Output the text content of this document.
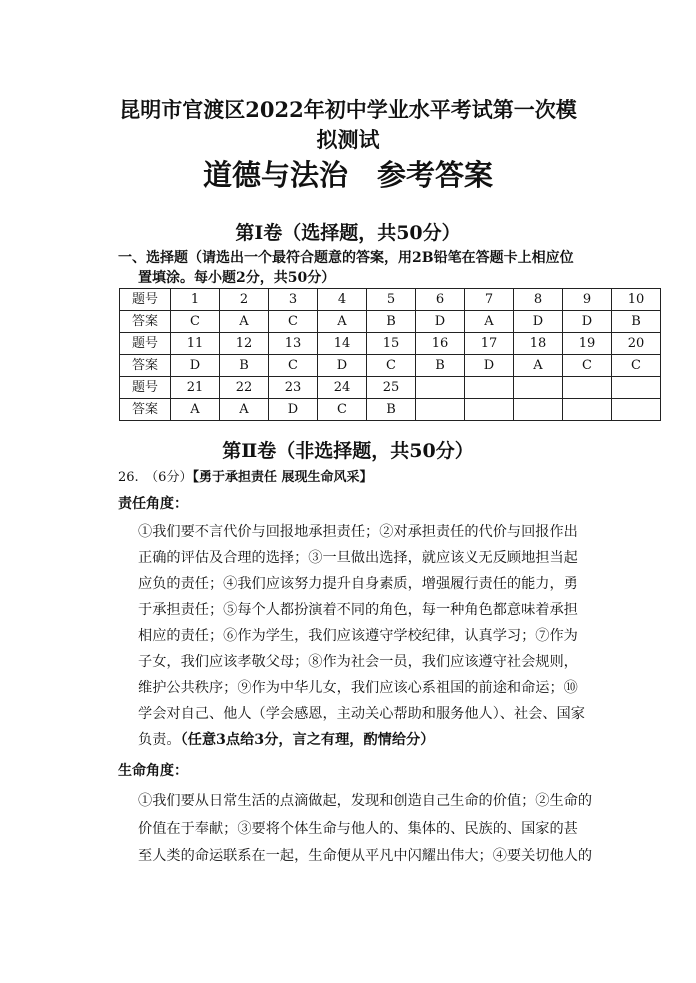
昆明市官渡区2022年初中学业水平考试第一次模
拟测试
道德与法治　参考答案
第Ⅰ卷（选择题，共50分）
一、选择题（请选出一个最符合题意的答案，用2B铅笔在答题卡上相应位
置填涂。每小题2分，共50分）
题号	1	2	3	4	5	6	7	8	9	10
答案	C	A	C	A	B	D	A	D	D	B
题号	11	12	13	14	15	16	17	18	19	20
答案	D	B	C	D	C	B	D	A	C	C
题号	21	22	23	24	25					
答案	A	A	D	C	B					
第Ⅱ卷（非选择题，共50分）
26.　（6分）【勇于承担责任 展现生命风采】
责任角度：
①我们要不言代价与回报地承担责任；②对承担责任的代价与回报作出
正确的评估及合理的选择；③一旦做出选择，就应该义无反顾地担当起
应负的责任；④我们应该努力提升自身素质，增强履行责任的能力，勇
于承担责任；⑤每个人都扮演着不同的角色，每一种角色都意味着承担
相应的责任；⑥作为学生，我们应该遵守学校纪律，认真学习；⑦作为
子女，我们应该孝敬父母；⑧作为社会一员，我们应该遵守社会规则，
维护公共秩序；⑨作为中华儿女，我们应该心系祖国的前途和命运；⑩
学会对自己、他人（学会感恩，主动关心帮助和服务他人）、社会、国家
负责。（任意3点给3分，言之有理，酌情给分）
生命角度：
①我们要从日常生活的点滴做起，发现和创造自己生命的价值；②生命的
价值在于奉献；③要将个体生命与他人的、集体的、民族的、国家的甚
至人类的命运联系在一起，生命便从平凡中闪耀出伟大；④要关切他人的
